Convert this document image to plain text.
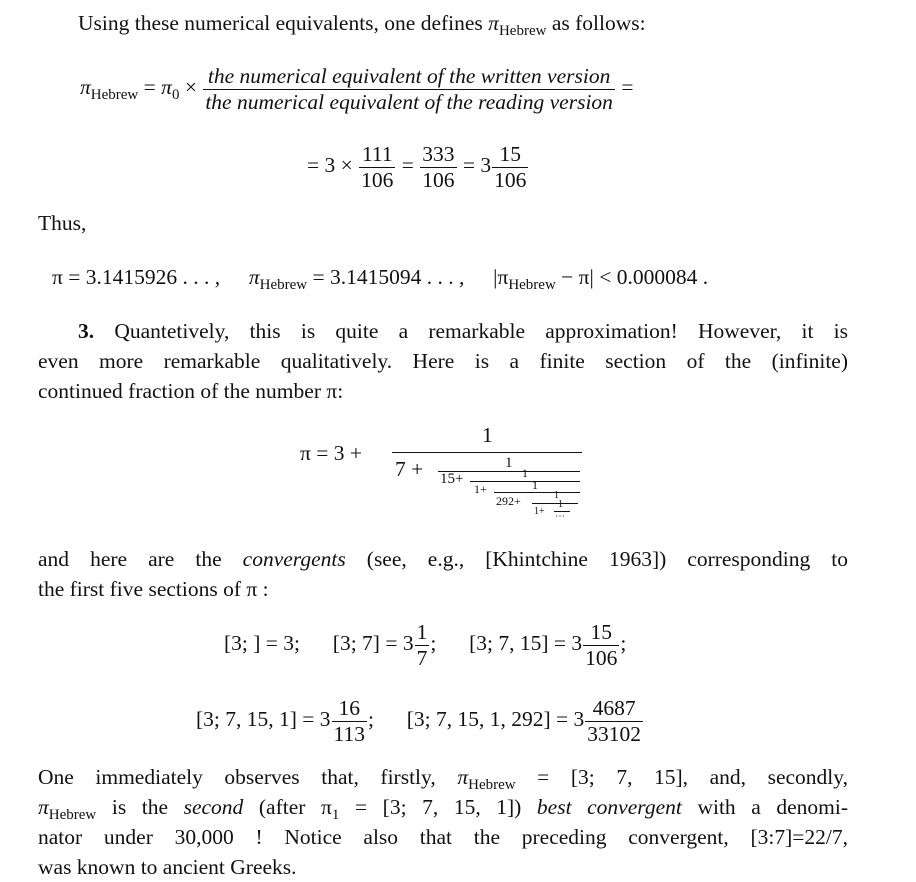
Using these numerical equivalents, one defines $\pi_{Hebrew}$ as follows:
$\pi_{Hebrew} = \pi_0 \times \frac{\text{the numerical equivalent of the written version}}{\text{the numerical equivalent of the reading version}}$ =
= $3 \times \frac{111}{106} = \frac{333}{106} = 3 \frac{15}{106}$
Thus,
π = 3.1415926 . . . , $\pi_{Hebrew} = 3.1415094$ . . . , $|\pi_{Hebrew} - \pi| < 0.000084$ .
3. Quantetively, this is quite a remarkable approximation! However, it is
even more remarkable qualitatively. Here is a finite section of the (infinite)
continued fraction of the number π:
π = 3 +
1
7 +	1
15+	1
1+	1
292+	1
1+
1
⋯
and here are the convergents (see, e.g., [Khintchine 1963]) corresponding to
the first five sections of π :
[3; ] = 3; [3; $7] = 3 \frac{1}{7}$ ; [3; 7, $15] = 3 \frac{15}{106}$ ;
[3; 7, 15, $1] = 3 \frac{16}{113}$ ; [3; 7, 15, 1, $292] = 3 \frac{4687}{33102}$
One immediately observes that, firstly, $\pi_{Hebrew} = [3$; 7, 15], and, secondly,
$\pi_{Hebrew}$ is the second (after $\pi_1 = [3$; 7, 15, 1]) best convergent with a denomi-
nator under 30,000 ! Notice also that the preceding convergent, [3:7]=22/7,
was known to ancient Greeks.
